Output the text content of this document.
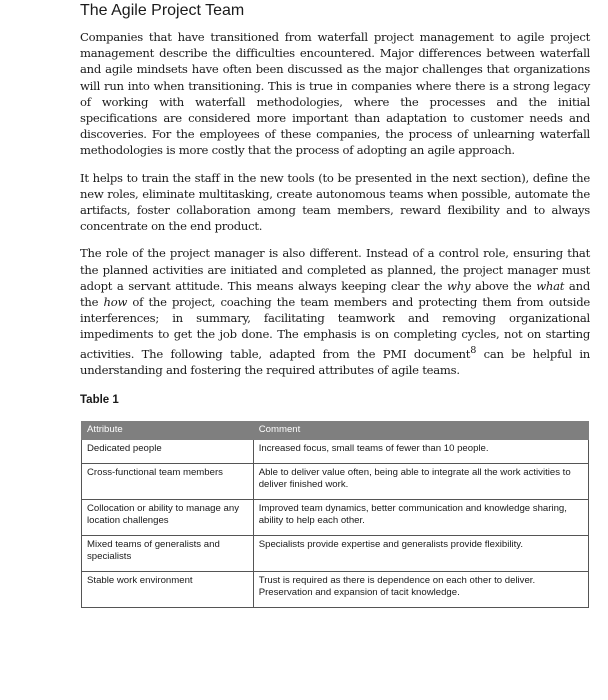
The Agile Project Team

Companies that have transitioned from waterfall project management to agile project management describe the difficulties encountered. Major differences between waterfall and agile mindsets have often been discussed as the major challenges that organizations will run into when transitioning. This is true in companies where there is a strong legacy of working with waterfall methodologies, where the processes and the initial specifications are considered more important than adaptation to customer needs and discoveries. For the employees of these companies, the process of unlearning waterfall methodologies is more costly that the process of adopting an agile approach.

It helps to train the staff in the new tools (to be presented in the next section), define the new roles, eliminate multitasking, create autonomous teams when possible, automate the artifacts, foster collaboration among team members, reward flexibility and to always concentrate on the end product.

The role of the project manager is also different. Instead of a control role, ensuring that the planned activities are initiated and completed as planned, the project manager must adopt a servant attitude. This means always keeping clear the why above the what and the how of the project, coaching the team members and protecting them from outside interferences; in summary, facilitating teamwork and removing organizational impediments to get the job done. The emphasis is on completing cycles, not on starting activities. The following table, adapted from the PMI document$^8$ can be helpful in understanding and fostering the required attributes of agile teams.

Table 1

Attribute	Comment
Dedicated people	Increased focus, small teams of fewer than 10 people.
Cross-functional team members	Able to deliver value often, being able to integrate all the work activities to deliver finished work.
Collocation or ability to manage any location challenges	Improved team dynamics, better communication and knowledge sharing, ability to help each other.
Mixed teams of generalists and specialists	Specialists provide expertise and generalists provide flexibility.
Stable work environment	Trust is required as there is dependence on each other to deliver. Preservation and expansion of tacit knowledge.
